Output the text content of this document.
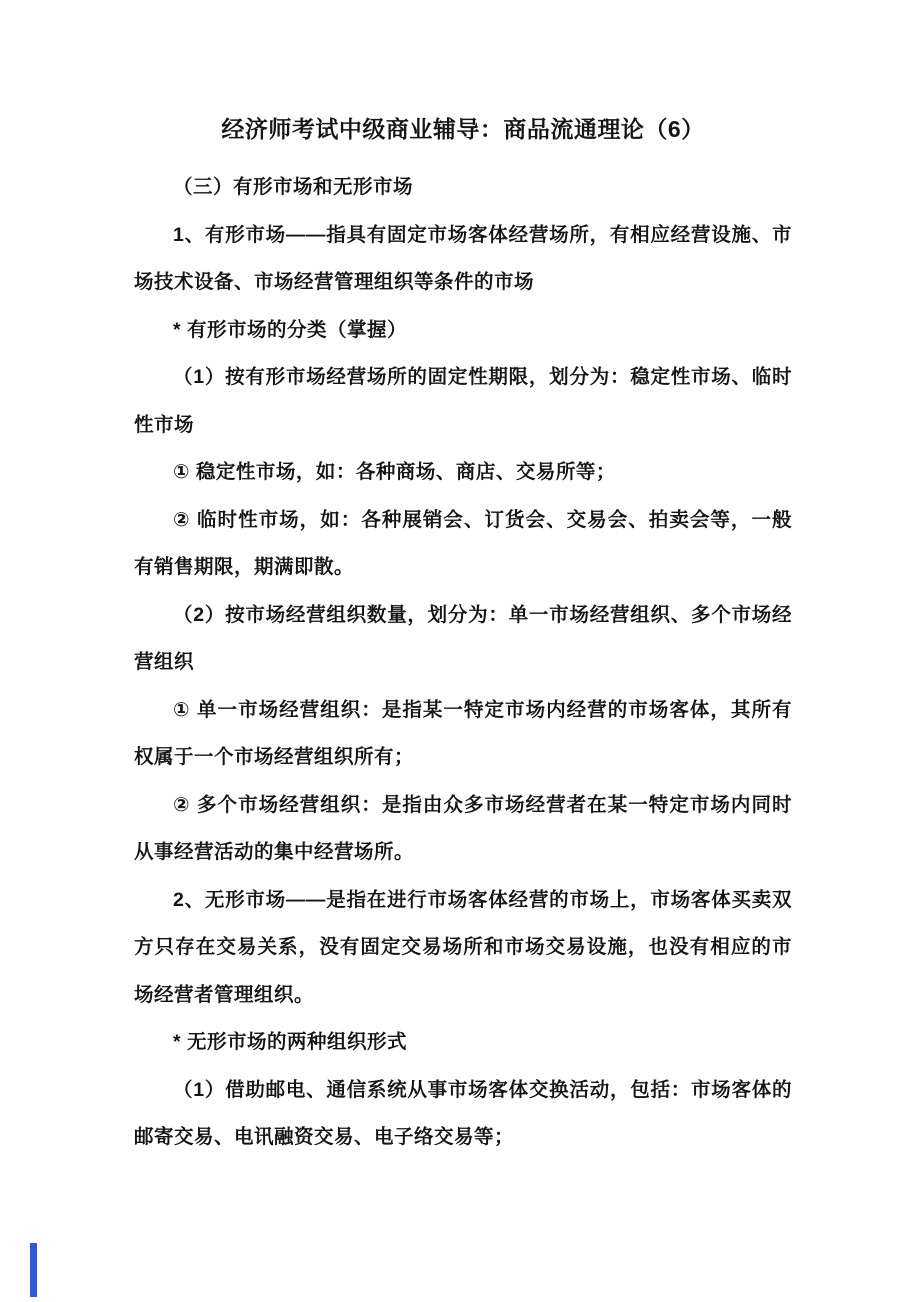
经济师考试中级商业辅导：商品流通理论（6）

（三）有形市场和无形市场

1、有形市场——指具有固定市场客体经营场所，有相应经营设施、市场技术设备、市场经营管理组织等条件的市场

* 有形市场的分类（掌握）

（1）按有形市场经营场所的固定性期限，划分为：稳定性市场、临时性市场

① 稳定性市场，如：各种商场、商店、交易所等；

② 临时性市场，如：各种展销会、订货会、交易会、拍卖会等，一般有销售期限，期满即散。

（2）按市场经营组织数量，划分为：单一市场经营组织、多个市场经营组织

① 单一市场经营组织：是指某一特定市场内经营的市场客体，其所有权属于一个市场经营组织所有；

② 多个市场经营组织：是指由众多市场经营者在某一特定市场内同时从事经营活动的集中经营场所。

2、无形市场——是指在进行市场客体经营的市场上，市场客体买卖双方只存在交易关系，没有固定交易场所和市场交易设施，也没有相应的市场经营者管理组织。

* 无形市场的两种组织形式

（1）借助邮电、通信系统从事市场客体交换活动，包括：市场客体的邮寄交易、电讯融资交易、电子络交易等；
